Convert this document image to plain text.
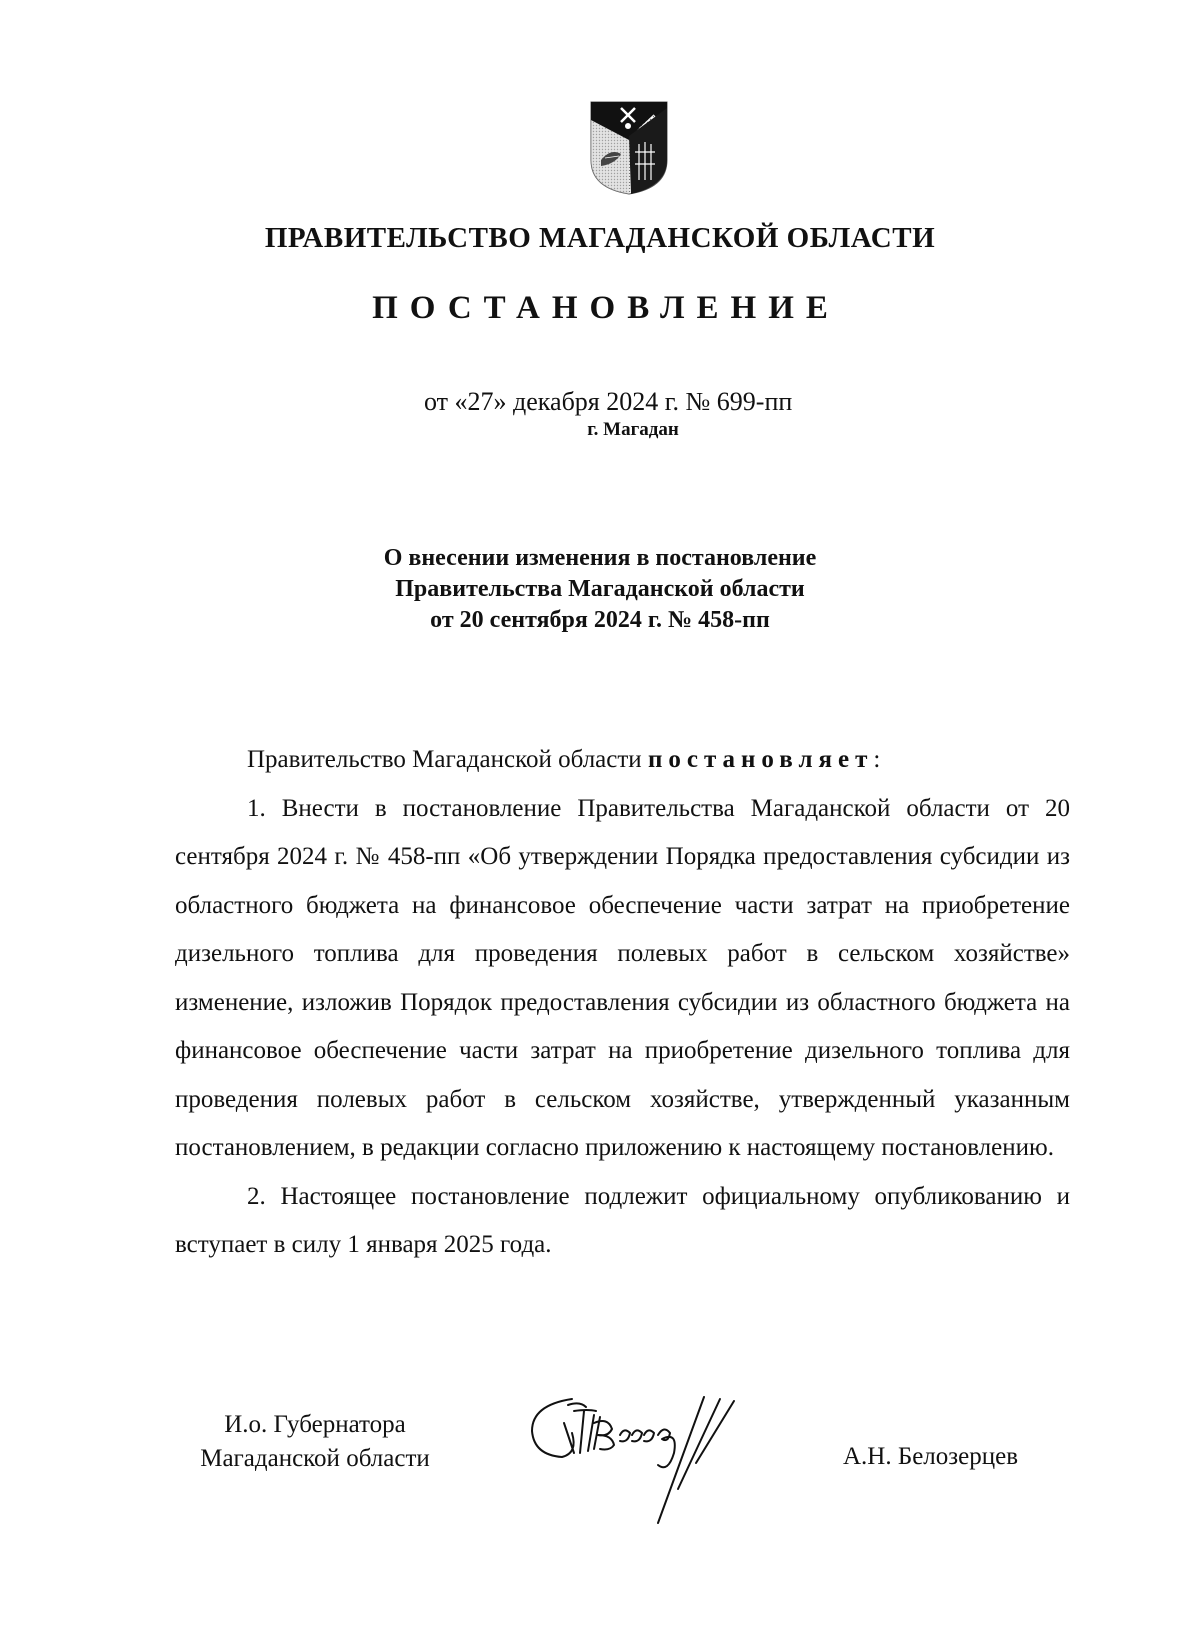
ПРАВИТЕЛЬСТВО МАГАДАНСКОЙ ОБЛАСТИ
ПОСТАНОВЛЕНИЕ
от «27» декабря 2024 г. № 699-пп
г. Магадан
О внесении изменения в постановление
Правительства Магаданской области
от 20 сентября 2024 г. № 458-пп

Правительство Магаданской области постановляет:

1. Внести в постановление Правительства Магаданской области от 20 сентября 2024 г. № 458-пп «Об утверждении Порядка предоставления субсидии из областного бюджета на финансовое обеспечение части затрат на приобретение дизельного топлива для проведения полевых работ в сельском хозяйстве» изменение, изложив Порядок предоставления субсидии из областного бюджета на финансовое обеспечение части затрат на приобретение дизельного топлива для проведения полевых работ в сельском хозяйстве, утвержденный указанным постановлением, в редакции согласно приложению к настоящему постановлению.

2. Настоящее постановление подлежит официальному опубликованию и вступает в силу 1 января 2025 года.

И.о. Губернатора
Магаданской области	А.Н. Белозерцев
